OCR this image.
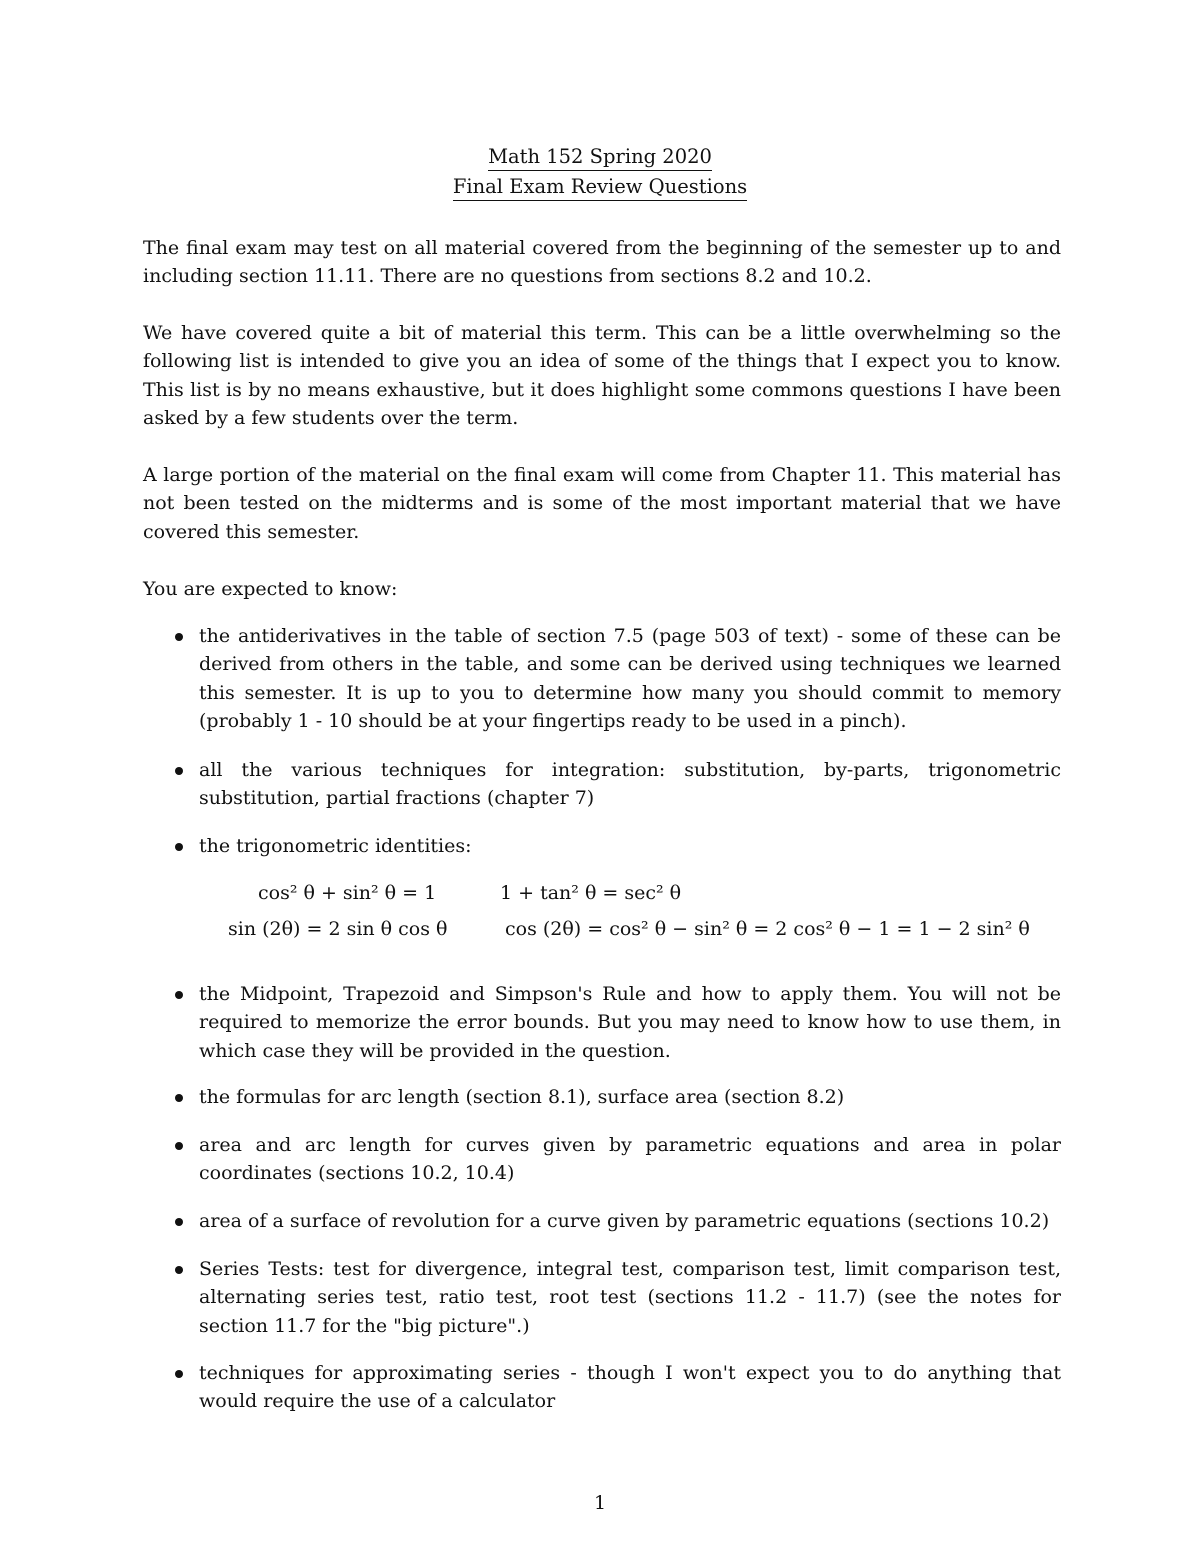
Math 152 Spring 2020
Final Exam Review Questions

The final exam may test on all material covered from the beginning of the semester up to and including section 11.11. There are no questions from sections 8.2 and 10.2.

We have covered quite a bit of material this term. This can be a little overwhelming so the following list is intended to give you an idea of some of the things that I expect you to know. This list is by no means exhaustive, but it does highlight some commons questions I have been asked by a few students over the term.

A large portion of the material on the final exam will come from Chapter 11. This material has not been tested on the midterms and is some of the most important material that we have covered this semester.

You are expected to know:

the antiderivatives in the table of section 7.5 (page 503 of text) - some of these can be derived from others in the table, and some can be derived using techniques we learned this semester. It is up to you to determine how many you should commit to memory (probably 1 - 10 should be at your fingertips ready to be used in a pinch).

all the various techniques for integration: substitution, by-parts, trigonometric substitution, partial fractions (chapter 7)

the trigonometric identities:

the Midpoint, Trapezoid and Simpson's Rule and how to apply them. You will not be required to memorize the error bounds. But you may need to know how to use them, in which case they will be provided in the question.

the formulas for arc length (section 8.1), surface area (section 8.2)

area and arc length for curves given by parametric equations and area in polar coordinates (sections 10.2, 10.4)

area of a surface of revolution for a curve given by parametric equations (sections 10.2)

Series Tests: test for divergence, integral test, comparison test, limit comparison test, alternating series test, ratio test, root test (sections 11.2 - 11.7) (see the notes for section 11.7 for the "big picture".)

techniques for approximating series - though I won't expect you to do anything that would require the use of a calculator

cos² θ + sin² θ = 1	1 + tan² θ = sec² θ
sin (2θ) = 2 sin θ cos θ	cos (2θ) = cos² θ − sin² θ = 2 cos² θ − 1 = 1 − 2 sin² θ
1
